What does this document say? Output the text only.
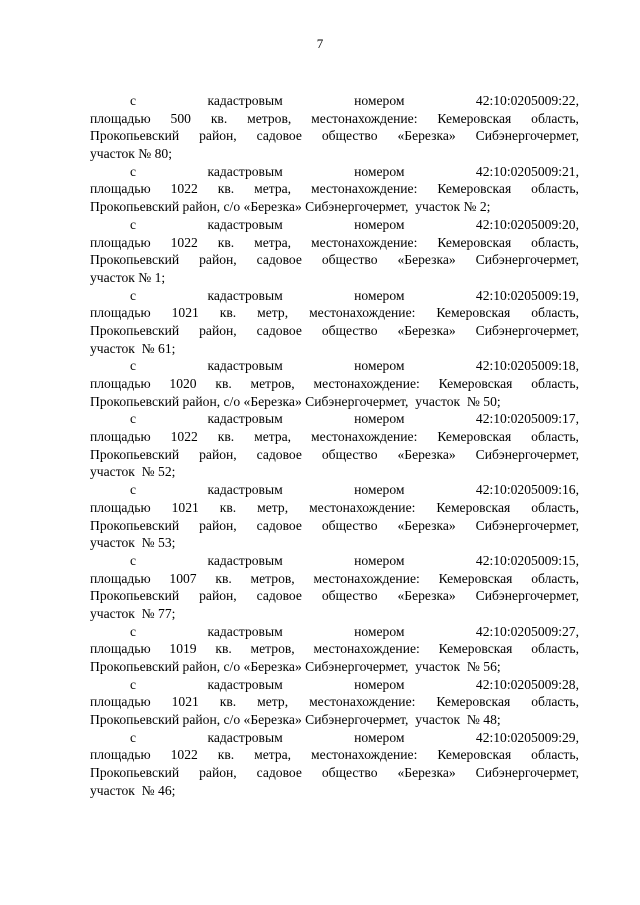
7
с	кадастровым	номером	42:10:0205009:22,
площадью 500 кв. метров, местонахождение: Кемеровская область,
Прокопьевский район, садовое общество «Березка» Сибэнергочермет,
участок № 80;
с	кадастровым	номером	42:10:0205009:21,
площадью 1022 кв. метра, местонахождение: Кемеровская область,
Прокопьевский район, с/о «Березка» Сибэнергочермет,  участок № 2;
с	кадастровым	номером	42:10:0205009:20,
площадью 1022 кв. метра, местонахождение: Кемеровская область,
Прокопьевский район, садовое общество «Березка» Сибэнергочермет,
участок № 1;
с	кадастровым	номером	42:10:0205009:19,
площадью 1021 кв. метр, местонахождение: Кемеровская область,
Прокопьевский район, садовое общество «Березка» Сибэнергочермет,
участок  № 61;
с	кадастровым	номером	42:10:0205009:18,
площадью 1020 кв. метров, местонахождение: Кемеровская область,
Прокопьевский район, с/о «Березка» Сибэнергочермет,  участок  № 50;
с	кадастровым	номером	42:10:0205009:17,
площадью 1022 кв. метра, местонахождение: Кемеровская область,
Прокопьевский район, садовое общество «Березка» Сибэнергочермет,
участок  № 52;
с	кадастровым	номером	42:10:0205009:16,
площадью 1021 кв. метр, местонахождение: Кемеровская область,
Прокопьевский район, садовое общество «Березка» Сибэнергочермет,
участок  № 53;
с	кадастровым	номером	42:10:0205009:15,
площадью 1007 кв. метров, местонахождение: Кемеровская область,
Прокопьевский район, садовое общество «Березка» Сибэнергочермет,
участок  № 77;
с	кадастровым	номером	42:10:0205009:27,
площадью 1019 кв. метров, местонахождение: Кемеровская область,
Прокопьевский район, с/о «Березка» Сибэнергочермет,  участок  № 56;
с	кадастровым	номером	42:10:0205009:28,
площадью 1021 кв. метр, местонахождение: Кемеровская область,
Прокопьевский район, с/о «Березка» Сибэнергочермет,  участок  № 48;
с	кадастровым	номером	42:10:0205009:29,
площадью 1022 кв. метра, местонахождение: Кемеровская область,
Прокопьевский район, садовое общество «Березка» Сибэнергочермет,
участок  № 46;
